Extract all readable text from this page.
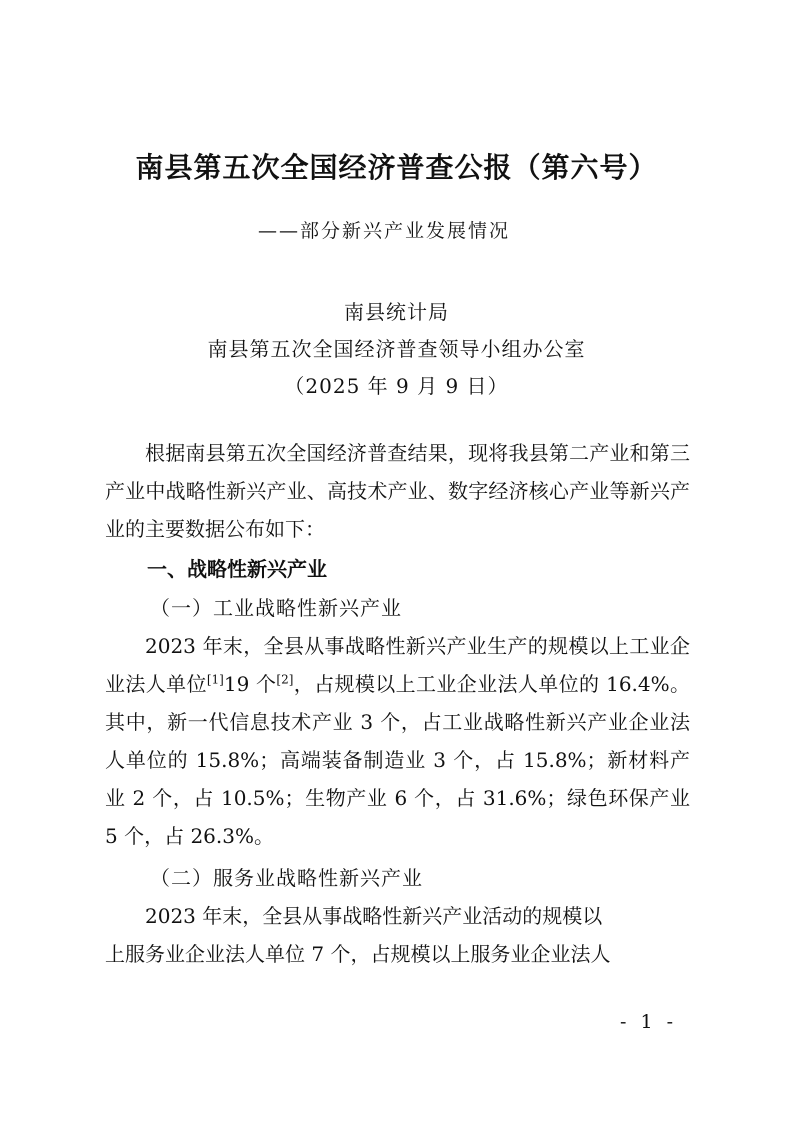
南县第五次全国经济普查公报（第六号）
——部分新兴产业发展情况
南县统计局
南县第五次全国经济普查领导小组办公室
（2025 年 9 月 9 日）

根据南县第五次全国经济普查结果，现将我县第二产业和第三产业中战略性新兴产业、高技术产业、数字经济核心产业等新兴产业的主要数据公布如下：

一、战略性新兴产业
（一）工业战略性新兴产业

2023 年末，全县从事战略性新兴产业生产的规模以上工业企业法人单位[1]19 个[2]，占规模以上工业企业法人单位的 16.4%。其中，新一代信息技术产业 3 个，占工业战略性新兴产业企业法人单位的 15.8%；高端装备制造业 3 个，占 15.8%；新材料产业 2 个，占 10.5%；生物产业 6 个，占 31.6%；绿色环保产业 5 个，占 26.3%。

（二）服务业战略性新兴产业

2023 年末，全县从事战略性新兴产业活动的规模以

上服务业企业法人单位 7 个，占规模以上服务业企业法人

- 1 -
